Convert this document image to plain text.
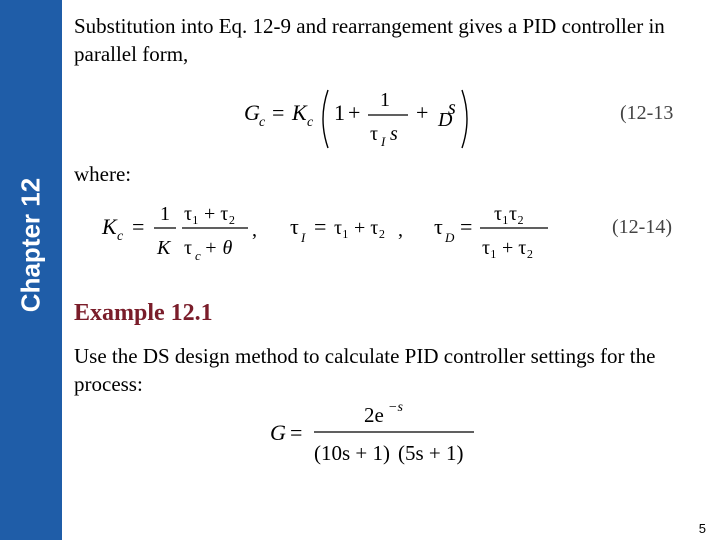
Chapter 12
Substitution into Eq. 12-9 and rearrangement gives a PID controller in parallel form,
G c = K c 1 + 1
τ I s
+ D
s	(12-13
where:
K c = 1
K
τ₁ + τ₂
τ c + θ
, τ I = τ₁ + τ₂ , τ D = τ₁τ₂
τ₁ + τ₂
(12-14)
Example 12.1
Use the DS design method to calculate PID controller settings for the process:
G =
2e −s
(10s + 1) (5s + 1)
5
